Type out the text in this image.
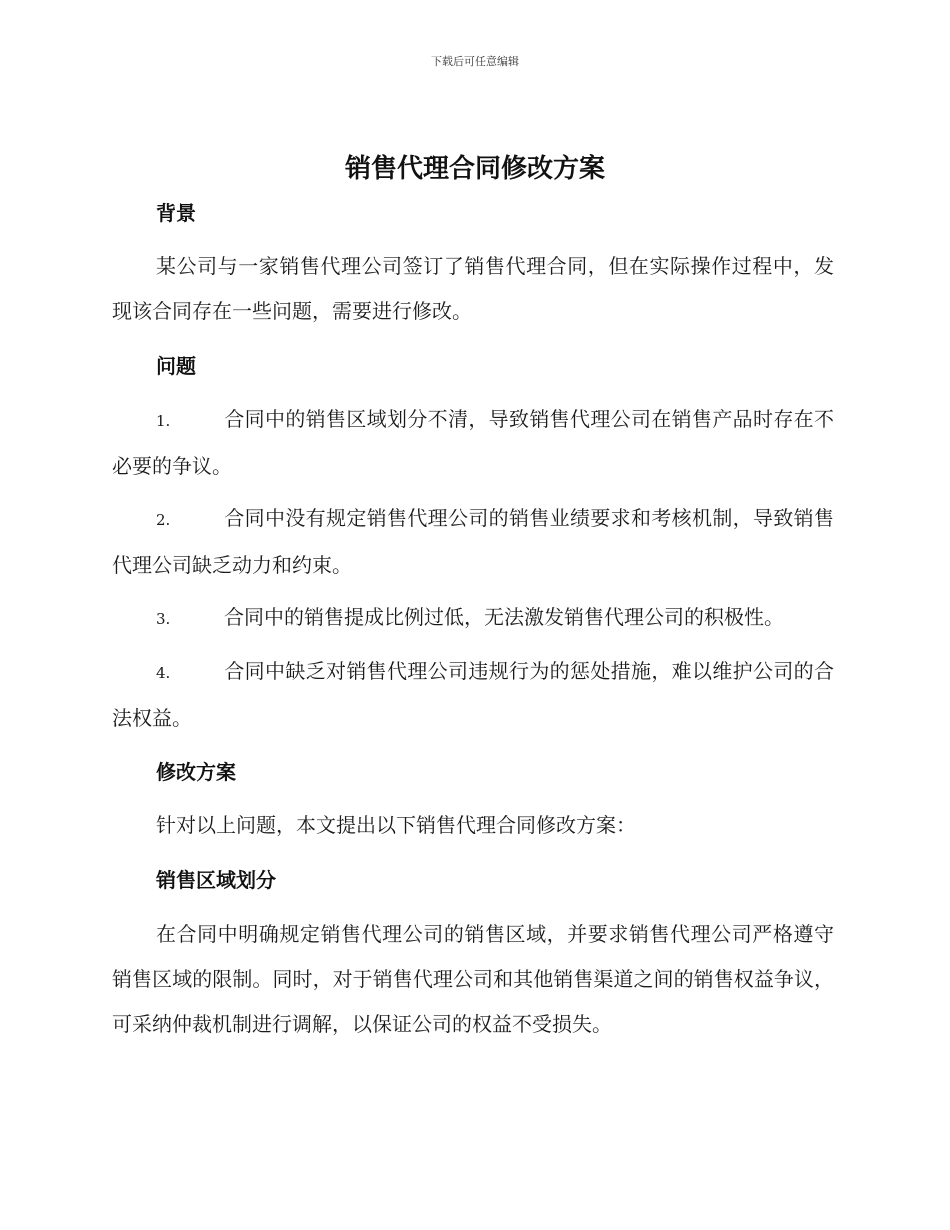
下载后可任意编辑
销售代理合同修改方案
背景

某公司与一家销售代理公司签订了销售代理合同，但在实际操作过程中，发现该合同存在一些问题，需要进行修改。

问题

1.	合同中的销售区域划分不清，导致销售代理公司在销售产品时存在不必要的争议。

2.	合同中没有规定销售代理公司的销售业绩要求和考核机制，导致销售代理公司缺乏动力和约束。

3.	合同中的销售提成比例过低，无法激发销售代理公司的积极性。

4.	合同中缺乏对销售代理公司违规行为的惩处措施，难以维护公司的合法权益。

修改方案

针对以上问题，本文提出以下销售代理合同修改方案：

销售区域划分

在合同中明确规定销售代理公司的销售区域，并要求销售代理公司严格遵守销售区域的限制。同时，对于销售代理公司和其他销售渠道之间的销售权益争议，可采纳仲裁机制进行调解，以保证公司的权益不受损失。
